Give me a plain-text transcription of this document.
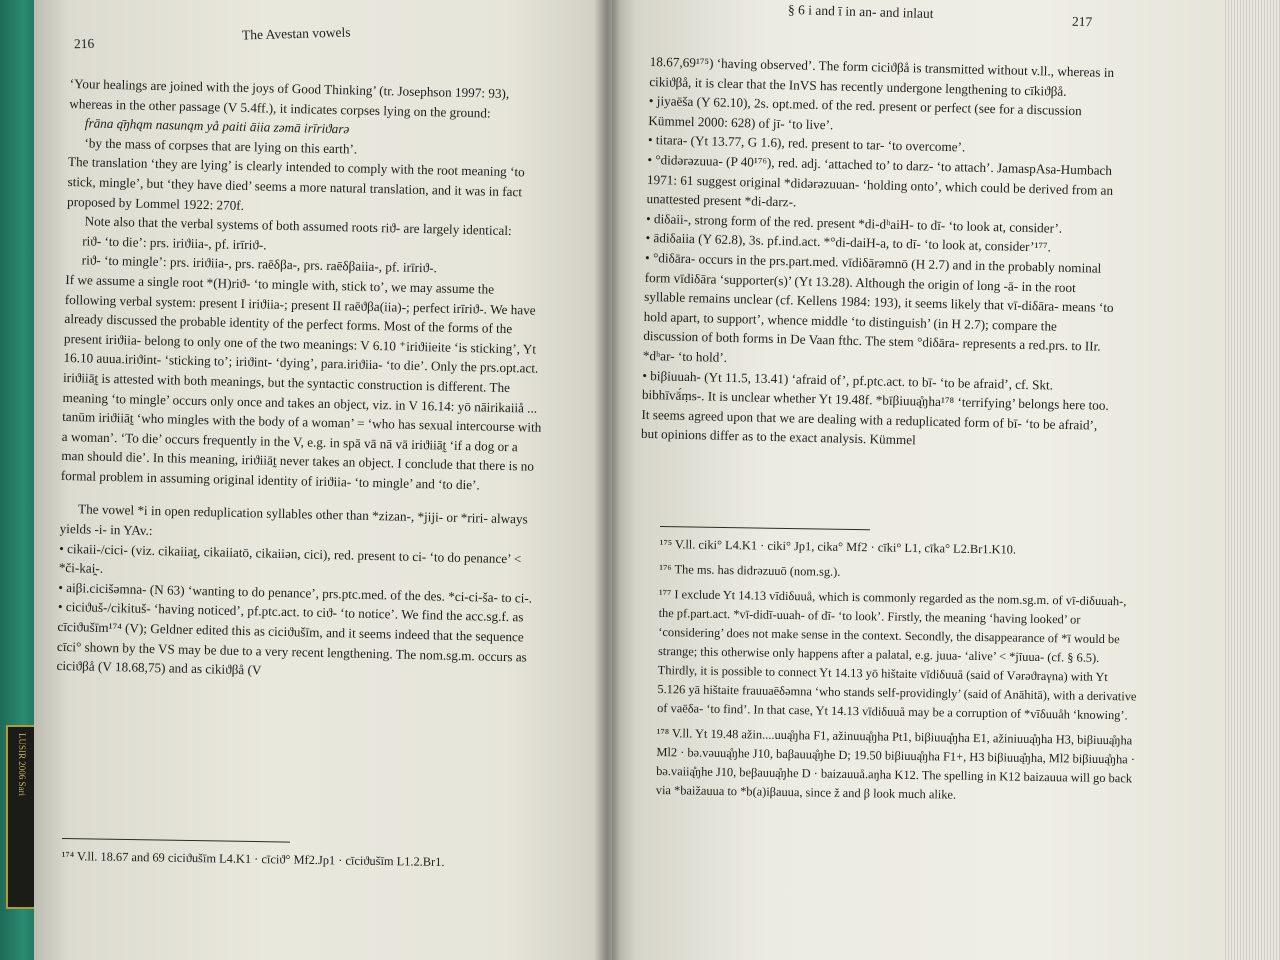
LUSIR 2006 Sari
216
The Avestan vowels
§ 6 i and ī in an- and inlaut
217

‘Your healings are joined with the joys of Good Thinking’ (tr. Josephson 1997: 93),

whereas in the other passage (V 5.4ff.), it indicates corpses lying on the ground:

frāna ą̄ŋhąm nasunąm yå paiti āiia zəmā irīriϑarə

‘by the mass of corpses that are lying on this earth’.

The translation ‘they are lying’ is clearly intended to comply with the root meaning ‘to stick, mingle’, but ‘they have died’ seems a more natural translation, and it was in fact proposed by Lommel 1922: 270f.

Note also that the verbal systems of both assumed roots riϑ- are largely identical:

riϑ- ‘to die’: prs. iriϑiia-, pf. irīriϑ-.

riϑ- ‘to mingle’: prs. iriϑiia-, prs. raēδβa-, prs. raēδβaiia-, pf. irīriϑ-.

If we assume a single root *(H)riϑ- ‘to mingle with, stick to’, we may assume the following verbal system: present I iriϑiia-; present II raēϑβa(iia)-; perfect irīriϑ-. We have already discussed the probable identity of the perfect forms. Most of the forms of the present iriϑiia- belong to only one of the two meanings: V 6.10 ⁺iriϑiieite ‘is sticking’, Yt 16.10 auua.iriϑint- ‘sticking to’; iriϑint- ‘dying’, para.iriϑiia- ‘to die’. Only the prs.opt.act. iriϑiiāt̰ is attested with both meanings, but the syntactic construction is different. The meaning ‘to mingle’ occurs only once and takes an object, viz. in V 16.14: yō nāirikaiiå ... tanūm iriϑiiāt̰ ‘who mingles with the body of a woman’ = ‘who has sexual intercourse with a woman’. ‘To die’ occurs frequently in the V, e.g. in spā vā nā vā iriϑiiāt̰ ‘if a dog or a man should die’. In this meaning, iriϑiiāt̰ never takes an object. I conclude that there is no formal problem in assuming original identity of iriϑiia- ‘to mingle’ and ‘to die’.

The vowel *i in open reduplication syllables other than *zizan-, *jiji- or *riri- always yields -i- in YAv.:

• cikaii-/cici- (viz. cikaiiat̰, cikaiiatō, cikaiiən, cici), red. present to ci- ‘to do penance’ < *či-kai̯-.

• aiβi.cicišəmna- (N 63) ‘wanting to do penance’, prs.ptc.med. of the des. *ci-ci-ša- to ci-.

• ciciϑuš-/cikituš- ‘having noticed’, pf.ptc.act. to ciϑ- ‘to notice’. We find the acc.sg.f. as cīciϑušīm¹⁷⁴ (V); Geldner edited this as ciciϑušīm, and it seems indeed that the sequence cīci° shown by the VS may be due to a very recent lengthening. The nom.sg.m. occurs as ciciϑβå (V 18.68,75) and as cikiϑβå (V

¹⁷⁴ V.ll. 18.67 and 69 ciciϑušīm L4.K1 · cīciϑ° Mf2.Jp1 · cīciϑušīm L1.2.Br1.

18.67,69¹⁷⁵) ‘having observed’. The form ciciϑβå is transmitted without v.ll., whereas in cikiϑβå, it is clear that the InVS has recently undergone lengthening to cīkiϑβå.

• jiyaēša (Y 62.10), 2s. opt.med. of the red. present or perfect (see for a discussion Kümmel 2000: 628) of jī- ‘to live’.

• titara- (Yt 13.77, G 1.6), red. present to tar- ‘to overcome’.

• °didərəzuua- (P 40¹⁷⁶), red. adj. ‘attached to’ to darz- ‘to attach’. JamaspAsa-Humbach 1971: 61 suggest original *didərəzuuan- ‘holding onto’, which could be derived from an unattested present *di-darz-.

• diδaii-, strong form of the red. present *di-dʰaiH- to dī- ‘to look at, consider’.

• ādiδaiia (Y 62.8), 3s. pf.ind.act. *°di-daiH-a, to dī- ‘to look at, consider’¹⁷⁷.

• °diδāra- occurs in the prs.part.med. vīdiδārəmnō (H 2.7) and in the probably nominal form vīdiδāra ‘supporter(s)’ (Yt 13.28). Although the origin of long -ā- in the root syllable remains unclear (cf. Kellens 1984: 193), it seems likely that vī-diδāra- means ‘to hold apart, to support’, whence middle ‘to distinguish’ (in H 2.7); compare the discussion of both forms in De Vaan fthc. The stem °diδāra- represents a red.prs. to IIr. *dʰar- ‘to hold’.

• biβiuuah- (Yt 11.5, 13.41) ‘afraid of’, pf.ptc.act. to bī- ‘to be afraid’, cf. Skt. bibhīvā́ṃs-. It is unclear whether Yt 19.48f. *bīβiuuą̊ŋha¹⁷⁸ ‘terrifying’ belongs here too. It seems agreed upon that we are dealing with a reduplicated form of bī- ‘to be afraid’, but opinions differ as to the exact analysis. Kümmel

¹⁷⁵ V.ll. ciki° L4.K1 · ciki° Jp1, cika° Mf2 · cīki° L1, cīka° L2.Br1.K10.

¹⁷⁶ The ms. has didrəzuuō (nom.sg.).

¹⁷⁷ I exclude Yt 14.13 vīdiδuuå, which is commonly regarded as the nom.sg.m. of vī-diδuuah-, the pf.part.act. *vī-didī-uuah- of dī- ‘to look’. Firstly, the meaning ‘having looked’ or ‘considering’ does not make sense in the context. Secondly, the disappearance of *ī would be strange; this otherwise only happens after a palatal, e.g. juua- ‘alive’ < *jīuua- (cf. § 6.5). Thirdly, it is possible to connect Yt 14.13 yō hištaite vīdiδuuå (said of Vərəϑraγna) with Yt 5.126 yā hištaite frauuaēδəmna ‘who stands self-providingly’ (said of Anāhitā), with a derivative of vaēδa- ‘to find’. In that case, Yt 14.13 vīdiδuuå may be a corruption of *vīδuuåh ‘knowing’.

¹⁷⁸ V.ll. Yt 19.48 ažin....uuą̊ŋha F1, ažinuuą̊ŋha Pt1, biβiuuą̊ŋha E1, ažiniuuą̊ŋha H3, biβiuuą̊ŋha Ml2 · bə.vəuuą̊ŋhe J10, baβauuą̊ŋhe D; 19.50 biβiuuą̊ŋha F1+, H3 biβiuuą̊ŋha, Ml2 biβiuuą̊ŋha · bə.vaiią̊ŋhe J10, beβauuą̊ŋhe D · baizauuå.aŋha K12. The spelling in K12 baizauua will go back via *baižauua to *b(a)iβauua, since ž and β look much alike.
